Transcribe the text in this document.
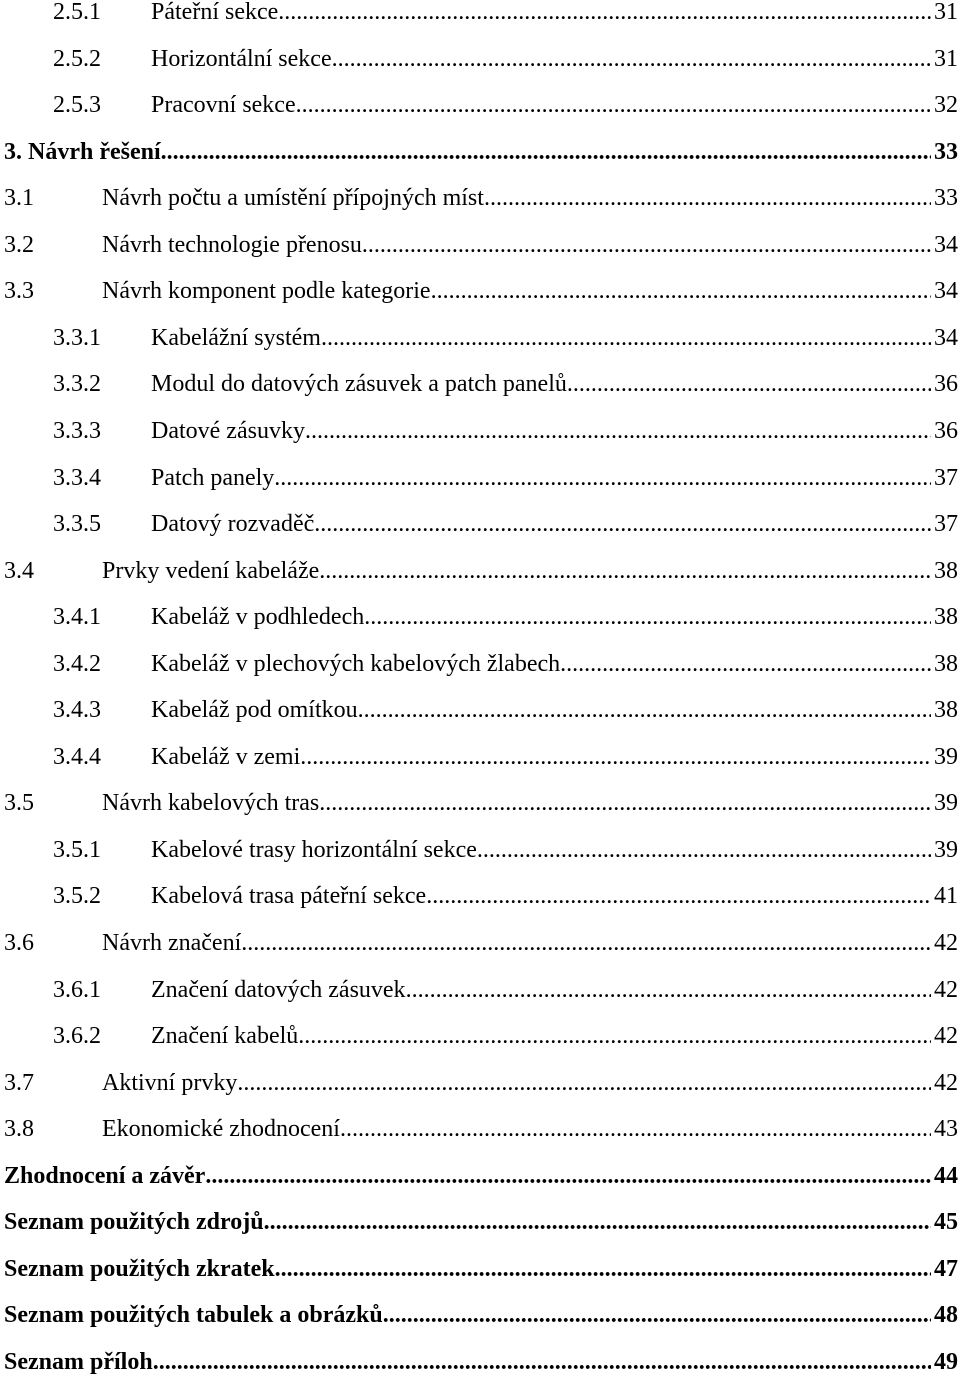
2.5.1	Páteřní sekce .....	31
2.5.2	Horizontální sekce .....	31
2.5.3	Pracovní sekce .....	32
3. Návrh řešení .....	33
3.1	Návrh počtu a umístění přípojných míst .....	33
3.2	Návrh technologie přenosu .....	34
3.3	Návrh komponent podle kategorie .....	34
3.3.1	Kabelážní systém .....	34
3.3.2	Modul do datových zásuvek a patch panelů .....	36
3.3.3	Datové zásuvky .....	36
3.3.4	Patch panely .....	37
3.3.5	Datový rozvaděč .....	37
3.4	Prvky vedení kabeláže .....	38
3.4.1	Kabeláž v podhledech .....	38
3.4.2	Kabeláž v plechových kabelových žlabech .....	38
3.4.3	Kabeláž pod omítkou .....	38
3.4.4	Kabeláž v zemi .....	39
3.5	Návrh kabelových tras .....	39
3.5.1	Kabelové trasy horizontální sekce .....	39
3.5.2	Kabelová trasa páteřní sekce .....	41
3.6	Návrh značení .....	42
3.6.1	Značení datových zásuvek .....	42
3.6.2	Značení kabelů .....	42
3.7	Aktivní prvky .....	42
3.8	Ekonomické zhodnocení .....	43
Zhodnocení a závěr .....	44
Seznam použitých zdrojů .....	45
Seznam použitých zkratek .....	47
Seznam použitých tabulek a obrázků .....	48
Seznam příloh .....	49
